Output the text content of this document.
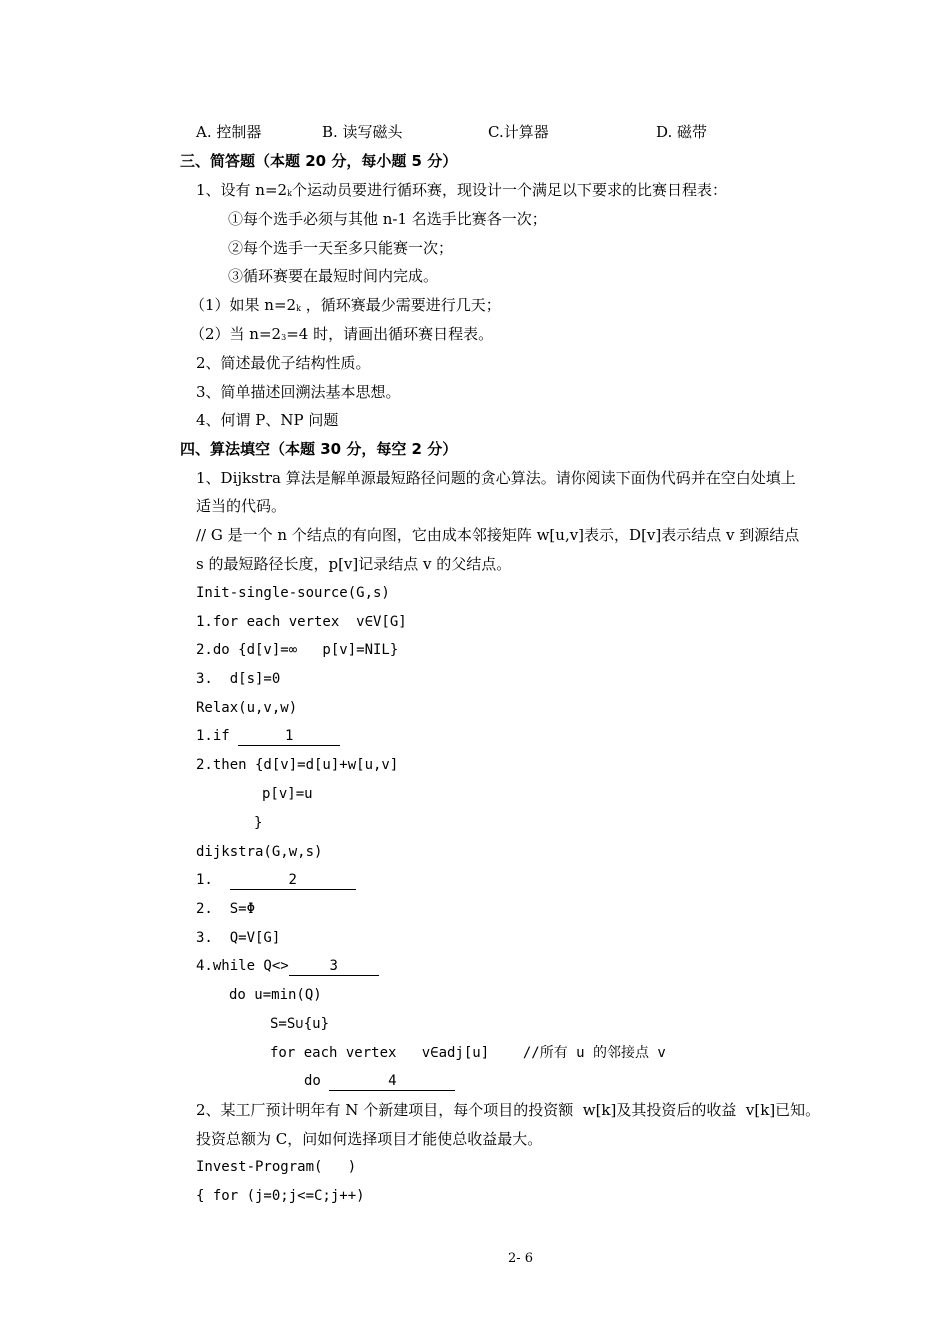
A. 控制器	B. 读写磁头	C.计算器	D. 磁带
三、简答题（本题 20 分，每小题 5 分）
1、设有 $n=2^k$个运动员要进行循环赛，现设计一个满足以下要求的比赛日程表：
①每个选手必须与其他 n-1 名选手比赛各一次；
②每个选手一天至多只能赛一次；
③循环赛要在最短时间内完成。
（1）如果 $n=2^k$ ，循环赛最少需要进行几天；
（2）当 $n=2^3=4$ 时，请画出循环赛日程表。
2、简述最优子结构性质。
3、简单描述回溯法基本思想。
4、何谓 P、NP 问题
四、算法填空（本题 30 分，每空 2 分）
1、Dijkstra 算法是解单源最短路径问题的贪心算法。请你阅读下面伪代码并在空白处填上
适当的代码。
// G 是一个 n 个结点的有向图，它由成本邻接矩阵 w[u,v]表示，D[v]表示结点 v 到源结点
s 的最短路径长度，p[v]记录结点 v 的父结点。
Init-single-source(G,s)
1.for each vertex  v∈V[G]
2.do {d[v]=∞   p[v]=NIL}
3.  d[s]=0
Relax(u,v,w)
1.if	1
2.then {d[v]=d[u]+w[u,v]
p[v]=u
}
dijkstra(G,w,s)
1.	2
2.  S=Φ
3.  Q=V[G]
4.while Q<>	3
do u=min(Q)
S=S∪{u}
for each vertex   v∈adj[u]    //所有 u 的邻接点 v
do	4
2、某工厂预计明年有 N 个新建项目，每个项目的投资额  w[k]及其投资后的收益  v[k]已知。
投资总额为 C，问如何选择项目才能使总收益最大。
Invest-Program(   )
{ for (j=0;j<=C;j++)
2- 6
